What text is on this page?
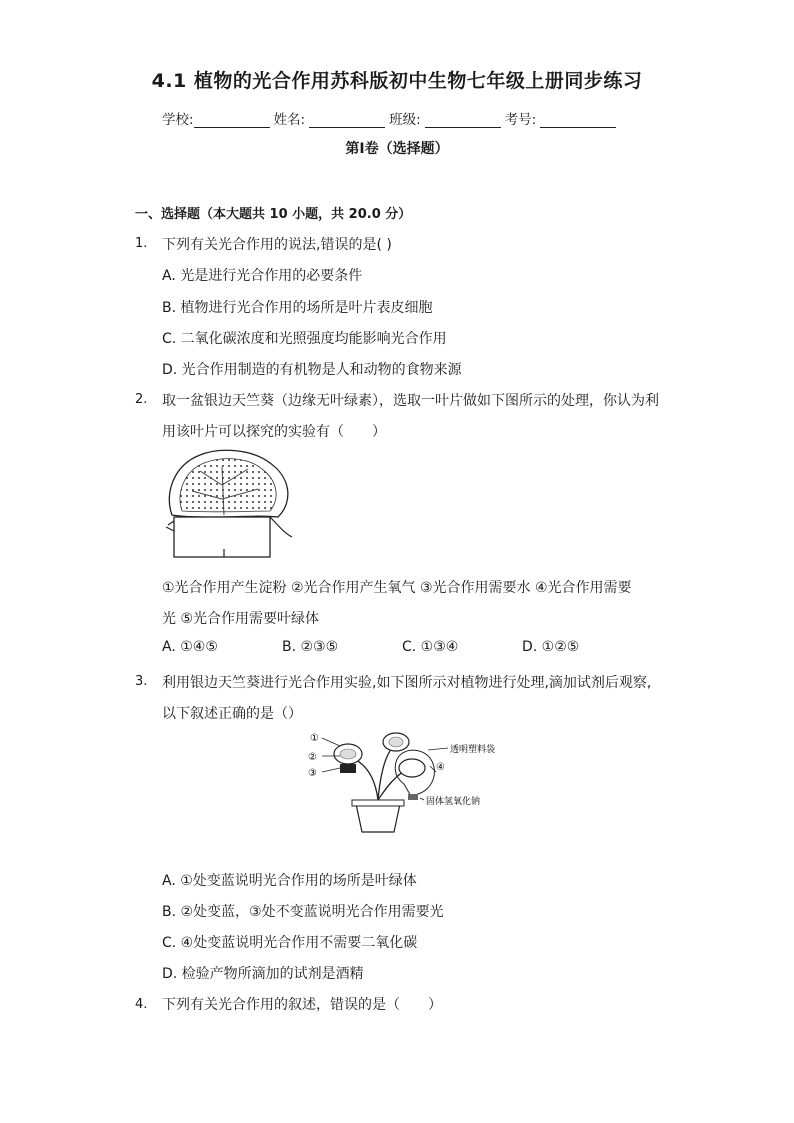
4.1 植物的光合作用苏科版初中生物七年级上册同步练习
学校:	姓名:	班级:	考号:
第I卷（选择题）
一、选择题（本大题共 10 小题，共 20.0 分）
1. 下列有关光合作用的说法,错误的是( )
A. 光是进行光合作用的必要条件
B. 植物进行光合作用的场所是叶片表皮细胞
C. 二氧化碳浓度和光照强度均能影响光合作用
D. 光合作用制造的有机物是人和动物的食物来源
2. 取一盆银边天竺葵（边缘无叶绿素），选取一叶片做如下图所示的处理，你认为利
用该叶片可以探究的实验有（　　）
①光合作用产生淀粉 ②光合作用产生氧气 ③光合作用需要水 ④光合作用需要
光 ⑤光合作用需要叶绿体
A. ①④⑤	B. ②③⑤	C. ①③④	D. ①②⑤
3. 利用银边天竺葵进行光合作用实验,如下图所示对植物进行处理,滴加试剂后观察,
以下叙述正确的是（）
①
②
③
透明塑料袋
④
固体氢氧化钠
A. ①处变蓝说明光合作用的场所是叶绿体
B. ②处变蓝，③处不变蓝说明光合作用需要光
C. ④处变蓝说明光合作用不需要二氧化碳
D. 检验产物所滴加的试剂是酒精
4. 下列有关光合作用的叙述，错误的是（　　）
